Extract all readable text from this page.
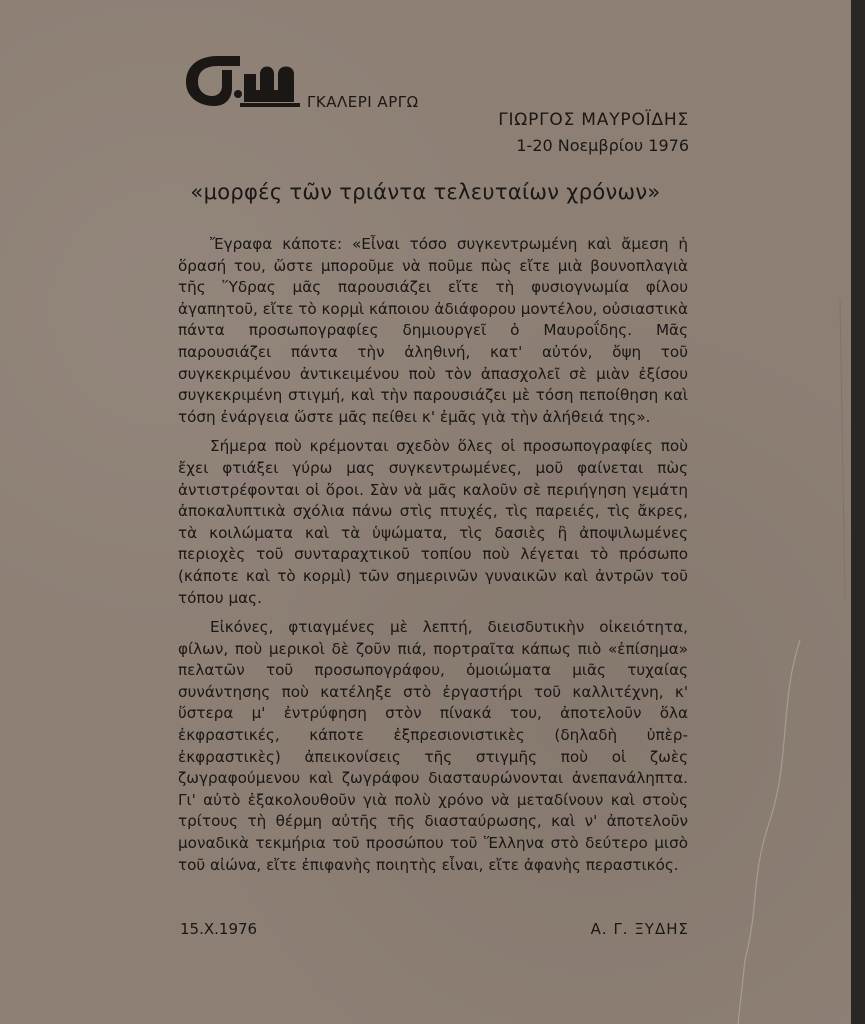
ΓΚΑΛΕΡΙ ΑΡΓΩ
ΓΙΩΡΓΟΣ ΜΑΥΡΟΪΔΗΣ
1-20 Νοεμβρίου 1976
«μορφές τῶν τριάντα τελευταίων χρόνων»

Ἔγραφα κάποτε: «Εἶναι τόσο συγκεντρωμένη καὶ ἄμεση ἡ ὅρασή του, ὥστε μποροῦμε νὰ ποῦμε πὼς εἴτε μιὰ βουνοπλαγιὰ τῆς Ὕδρας μᾶς παρουσιάζει εἴτε τὴ φυσιογνωμία φίλου ἀγαπητοῦ, εἴτε τὸ κορμὶ κάποιου ἀδιάφορου μοντέλου, οὐσιαστικὰ πάντα προσωπογραφίες δημιουργεῖ ὁ Μαυροΐδης. Μᾶς παρουσιάζει πάντα τὴν ἀληθινή, κατ' αὐτόν, ὄψη τοῦ συγκεκριμένου ἀντικειμένου ποὺ τὸν ἀπασχολεῖ σὲ μιὰν ἐξίσου συγκεκριμένη στιγμή, καὶ τὴν παρουσιάζει μὲ τόση πεποίθηση καὶ τόση ἐνάργεια ὥστε μᾶς πείθει κ' ἐμᾶς γιὰ τὴν ἀλήθειά της».

Σήμερα ποὺ κρέμονται σχεδὸν ὅλες οἱ προσωπογραφίες ποὺ ἔχει φτιάξει γύρω μας συγκεντρωμένες, μοῦ φαίνεται πὼς ἀντιστρέφονται οἱ ὅροι. Σὰν νὰ μᾶς καλοῦν σὲ περιήγηση γεμάτη ἀποκαλυπτικὰ σχόλια πάνω στὶς πτυχές, τὶς παρειές, τὶς ἄκρες, τὰ κοιλώματα καὶ τὰ ὑψώματα, τὶς δασιὲς ἢ ἀποψιλωμένες περιοχὲς τοῦ συνταραχτικοῦ τοπίου ποὺ λέγεται τὸ πρόσωπο (κάποτε καὶ τὸ κορμὶ) τῶν σημερινῶν γυναικῶν καὶ ἀντρῶν τοῦ τόπου μας.

Εἰκόνες, φτιαγμένες μὲ λεπτή, διεισδυτικὴν οἰκειότητα, φίλων, ποὺ μερικοὶ δὲ ζοῦν πιά, πορτραῖτα κάπως πιὸ «ἐπίσημα» πελατῶν τοῦ προσωπογράφου, ὁμοιώματα μιᾶς τυχαίας συνάντησης ποὺ κατέληξε στὸ ἐργαστήρι τοῦ καλλιτέχνη, κ' ὕστερα μ' ἐντρύφηση στὸν πίνακά του, ἀποτελοῦν ὅλα ἐκφραστικές, κάποτε ἐξπρεσιονιστικὲς (δηλαδὴ ὑπὲρ-ἐκφραστικὲς) ἀπεικονίσεις τῆς στιγμῆς ποὺ οἱ ζωὲς ζωγραφούμενου καὶ ζωγράφου διασταυρώνονται ἀνεπανάληπτα. Γι' αὐτὸ ἐξακολουθοῦν γιὰ πολὺ χρόνο νὰ μεταδίνουν καὶ στοὺς τρίτους τὴ θέρμη αὐτῆς τῆς διασταύρωσης, καὶ ν' ἀποτελοῦν μοναδικὰ τεκμήρια τοῦ προσώπου τοῦ Ἕλληνα στὸ δεύτερο μισὸ τοῦ αἰώνα, εἴτε ἐπιφανὴς ποιητὴς εἶναι, εἴτε ἀφανὴς περαστικός.

15.X.1976	Α. Γ. ΞΥΔΗΣ
